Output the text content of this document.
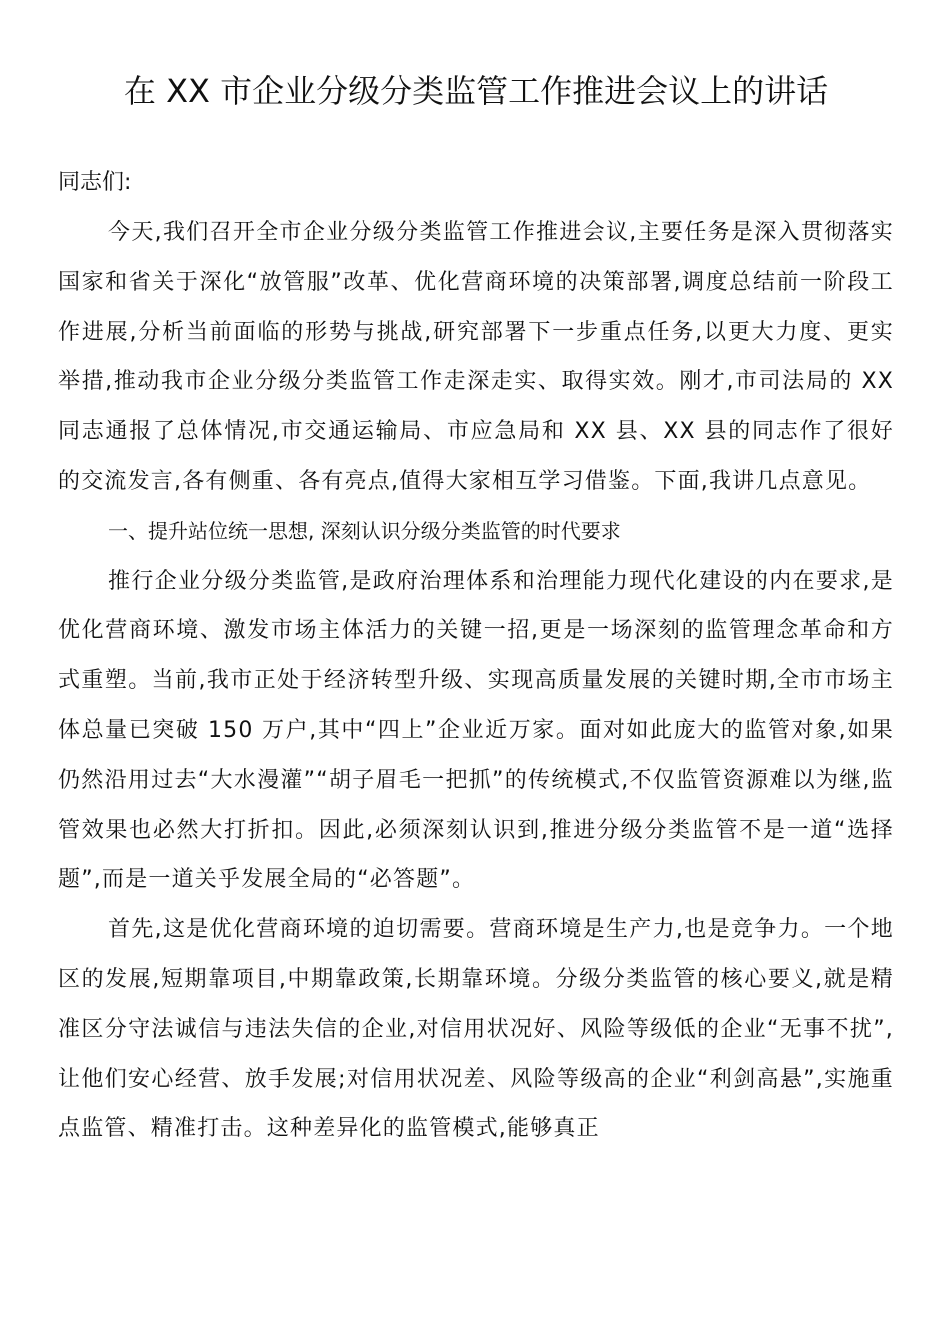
在 XX 市企业分级分类监管工作推进会议上的讲话

同志们:

今天,我们召开全市企业分级分类监管工作推进会议,主要任务是深入贯彻落实国家和省关于深化“放管服”改革、优化营商环境的决策部署,调度总结前一阶段工作进展,分析当前面临的形势与挑战,研究部署下一步重点任务,以更大力度、更实举措,推动我市企业分级分类监管工作走深走实、取得实效。刚才,市司法局的 XX 同志通报了总体情况,市交通运输局、市应急局和 XX 县、XX 县的同志作了很好的交流发言,各有侧重、各有亮点,值得大家相互学习借鉴。下面,我讲几点意见。

一、提升站位统一思想, 深刻认识分级分类监管的时代要求

推行企业分级分类监管,是政府治理体系和治理能力现代化建设的内在要求,是优化营商环境、激发市场主体活力的关键一招,更是一场深刻的监管理念革命和方式重塑。当前,我市正处于经济转型升级、实现高质量发展的关键时期,全市市场主体总量已突破 150 万户,其中“四上”企业近万家。面对如此庞大的监管对象,如果仍然沿用过去“大水漫灌”“胡子眉毛一把抓”的传统模式,不仅监管资源难以为继,监管效果也必然大打折扣。因此,必须深刻认识到,推进分级分类监管不是一道“选择题”,而是一道关乎发展全局的“必答题”。

首先,这是优化营商环境的迫切需要。营商环境是生产力,也是竞争力。一个地区的发展,短期靠项目,中期靠政策,长期靠环境。分级分类监管的核心要义,就是精准区分守法诚信与违法失信的企业,对信用状况好、风险等级低的企业“无事不扰”,让他们安心经营、放手发展;对信用状况差、风险等级高的企业“利剑高悬”,实施重点监管、精准打击。这种差异化的监管模式,能够真正
